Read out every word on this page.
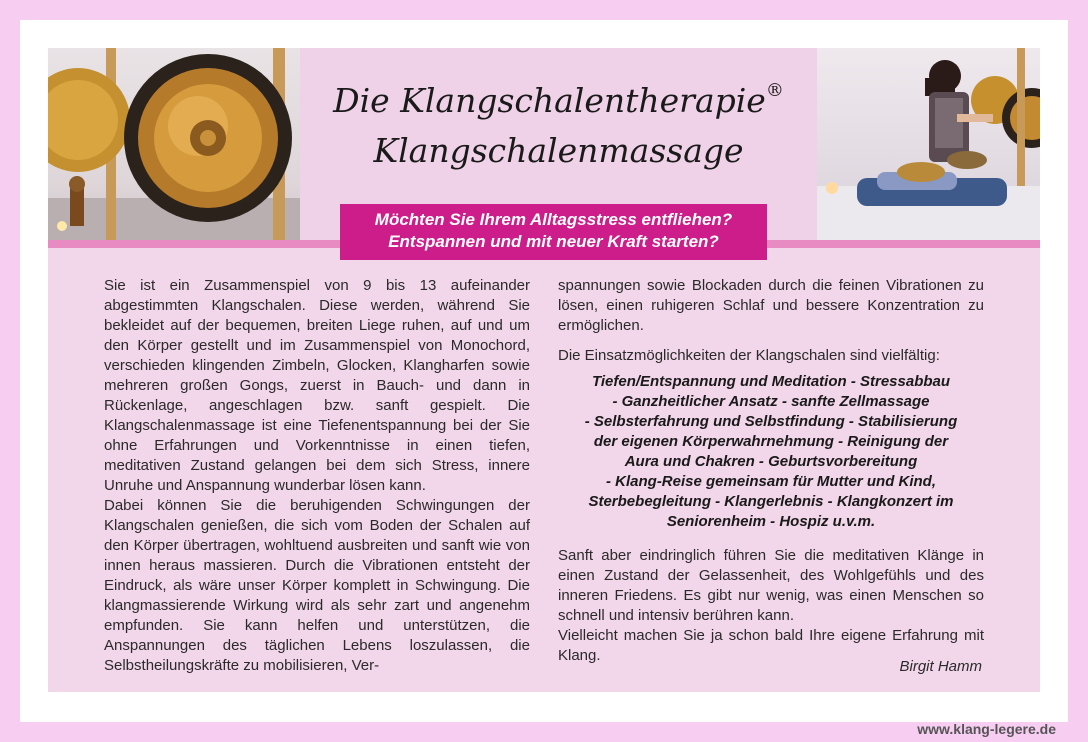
Die Klangschalentherapie®
Klangschalenmassage
Möchten Sie Ihrem Alltagsstress entfliehen?
Entspannen und mit neuer Kraft starten?

Sie ist ein Zusammenspiel von 9 bis 13 aufeinander abgestimmten Klangschalen. Diese werden, während Sie bekleidet auf der bequemen, breiten Liege ruhen, auf und um den Körper gestellt und im Zusammenspiel von Monochord, verschieden klingenden Zimbeln, Glocken, Klangharfen sowie mehreren großen Gongs, zuerst in Bauch- und dann in Rückenlage, angeschlagen bzw. sanft gespielt. Die Klangschalenmassage ist eine Tiefenentspannung bei der Sie ohne Erfahrungen und Vorkenntnisse in einen tiefen, meditativen Zustand gelangen bei dem sich Stress, innere Unruhe und Anspannung wunderbar lösen kann.

Dabei können Sie die beruhigenden Schwingungen der Klangschalen genießen, die sich vom Boden der Schalen auf den Körper übertragen, wohltuend ausbreiten und sanft wie von innen heraus massieren. Durch die Vibrationen entsteht der Eindruck, als wäre unser Körper komplett in Schwingung. Die klangmassierende Wirkung wird als sehr zart und angenehm empfunden. Sie kann helfen und unterstützen, die Anspannungen des täglichen Lebens loszulassen, die Selbstheilungskräfte zu mobilisieren, Ver-

spannungen sowie Blockaden durch die feinen Vibrationen zu lösen, einen ruhigeren Schlaf und bessere Konzentration zu ermöglichen.

Die Einsatzmöglichkeiten der Klangschalen sind vielfältig:

Tiefen/Entspannung und Meditation - Stressabbau
- Ganzheitlicher Ansatz - sanfte Zellmassage
- Selbsterfahrung und Selbstfindung - Stabilisierung
der eigenen Körperwahrnehmung - Reinigung der
Aura und Chakren - Geburtsvorbereitung
- Klang-Reise gemeinsam für Mutter und Kind,
Sterbebegleitung - Klangerlebnis - Klangkonzert im
Seniorenheim - Hospiz u.v.m.

Sanft aber eindringlich führen Sie die meditativen Klänge in einen Zustand der Gelassenheit, des Wohlgefühls und des inneren Friedens. Es gibt nur wenig, was einen Menschen so schnell und intensiv berühren kann.

Vielleicht machen Sie ja schon bald Ihre eigene Erfahrung mit Klang.

Birgit Hamm
www.klang-legere.de
